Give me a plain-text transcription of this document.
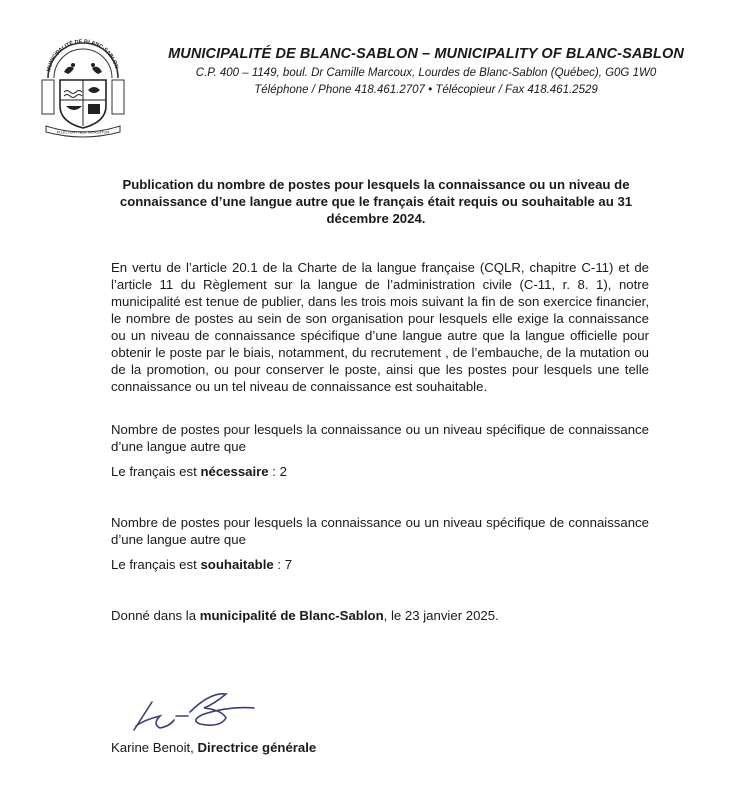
MUNICIPALITÉ DE BLANC-SABLON
FLUCTUAT NEC MERGITUR
MUNICIPALITÉ DE BLANC-SABLON – MUNICIPALITY OF BLANC-SABLON
C.P. 400 – 1149, boul. Dr Camille Marcoux, Lourdes de Blanc-Sablon (Québec), G0G 1W0
Téléphone / Phone 418.461.2707 • Télécopieur / Fax 418.461.2529
Publication du nombre de postes pour lesquels la connaissance ou un niveau de connaissance d’une langue autre que le français était requis ou souhaitable au 31 décembre 2024.
En vertu de l’article 20.1 de la Charte de la langue française (CQLR, chapitre C-11) et de l’article 11 du Règlement sur la langue de l’administration civile (C-11, r. 8. 1), notre municipalité est tenue de publier, dans les trois mois suivant la fin de son exercice financier, le nombre de postes au sein de son organisation pour lesquels elle exige la connaissance ou un niveau de connaissance spécifique d’une langue autre que la langue officielle pour obtenir le poste par le biais, notamment, du recrutement , de l’embauche, de la mutation ou de la promotion, ou pour conserver le poste, ainsi que les postes pour lesquels une telle connaissance ou un tel niveau de connaissance est souhaitable.
Nombre de postes pour lesquels la connaissance ou un niveau spécifique de connaissance d’une langue autre que
Le français est nécessaire : 2
Nombre de postes pour lesquels la connaissance ou un niveau spécifique de connaissance d’une langue autre que
Le français est souhaitable : 7
Donné dans la municipalité de Blanc-Sablon, le 23 janvier 2025.
Karine Benoit, Directrice générale
